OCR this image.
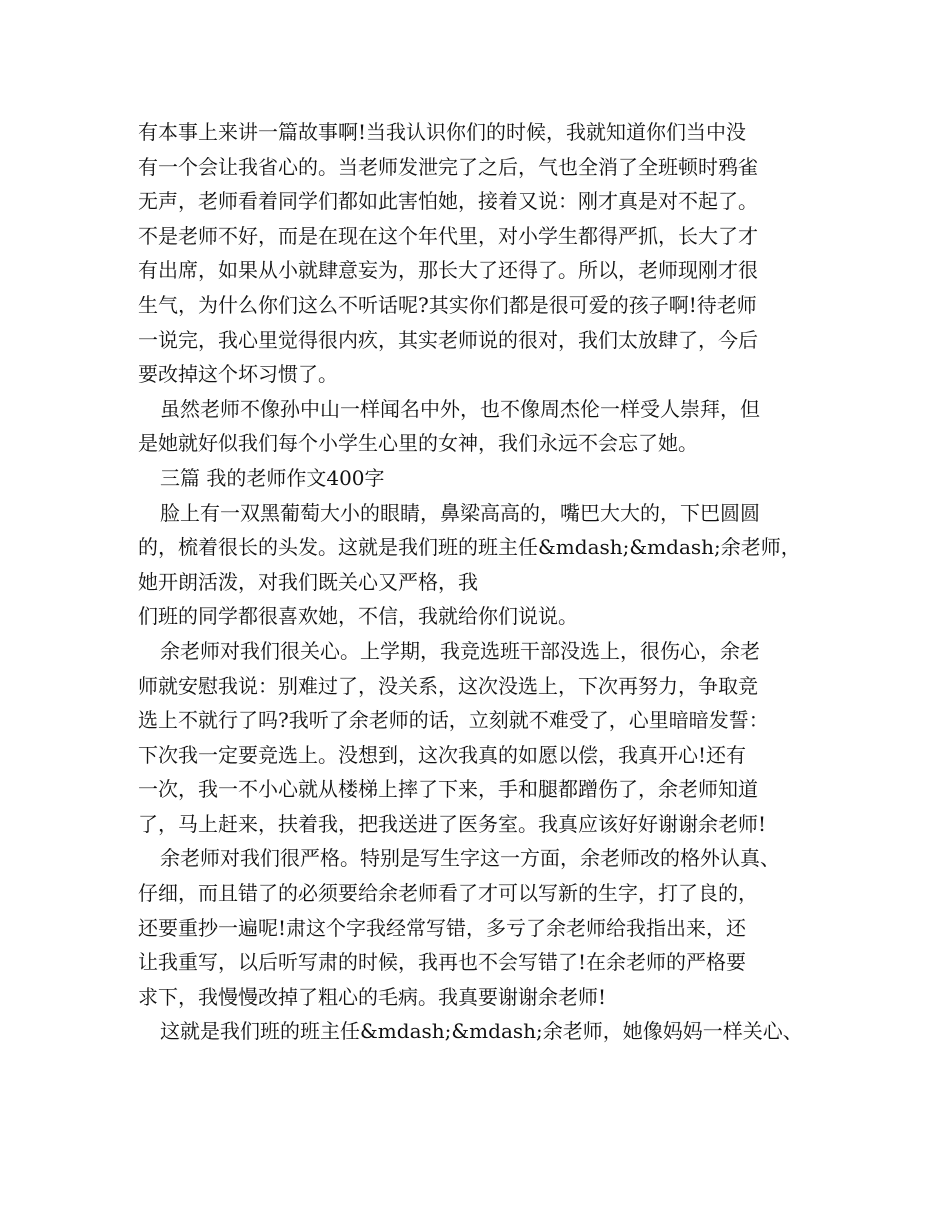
有本事上来讲一篇故事啊!当我认识你们的时候，我就知道你们当中没
有一个会让我省心的。当老师发泄完了之后，气也全消了全班顿时鸦雀
无声，老师看着同学们都如此害怕她，接着又说：刚才真是对不起了。
不是老师不好，而是在现在这个年代里，对小学生都得严抓，长大了才
有出席，如果从小就肆意妄为，那长大了还得了。所以，老师现刚才很
生气，为什么你们这么不听话呢?其实你们都是很可爱的孩子啊!待老师
一说完，我心里觉得很内疚，其实老师说的很对，我们太放肆了，今后
要改掉这个坏习惯了。
虽然老师不像孙中山一样闻名中外，也不像周杰伦一样受人崇拜，但
是她就好似我们每个小学生心里的女神，我们永远不会忘了她。
三篇 我的老师作文400字
脸上有一双黑葡萄大小的眼睛，鼻梁高高的，嘴巴大大的，下巴圆圆
的，梳着很长的头发。这就是我们班的班主任&mdash;&mdash;余老师，
她开朗活泼，对我们既关心又严格，我
们班的同学都很喜欢她，不信，我就给你们说说。
余老师对我们很关心。上学期，我竞选班干部没选上，很伤心，余老
师就安慰我说：别难过了，没关系，这次没选上，下次再努力，争取竞
选上不就行了吗?我听了余老师的话，立刻就不难受了，心里暗暗发誓：
下次我一定要竞选上。没想到，这次我真的如愿以偿，我真开心!还有
一次，我一不小心就从楼梯上摔了下来，手和腿都蹭伤了，余老师知道
了，马上赶来，扶着我，把我送进了医务室。我真应该好好谢谢余老师!
余老师对我们很严格。特别是写生字这一方面，余老师改的格外认真、
仔细，而且错了的必须要给余老师看了才可以写新的生字，打了良的，
还要重抄一遍呢!肃这个字我经常写错，多亏了余老师给我指出来，还
让我重写，以后听写肃的时候，我再也不会写错了!在余老师的严格要
求下，我慢慢改掉了粗心的毛病。我真要谢谢余老师!
这就是我们班的班主任&mdash;&mdash;余老师，她像妈妈一样关心、
